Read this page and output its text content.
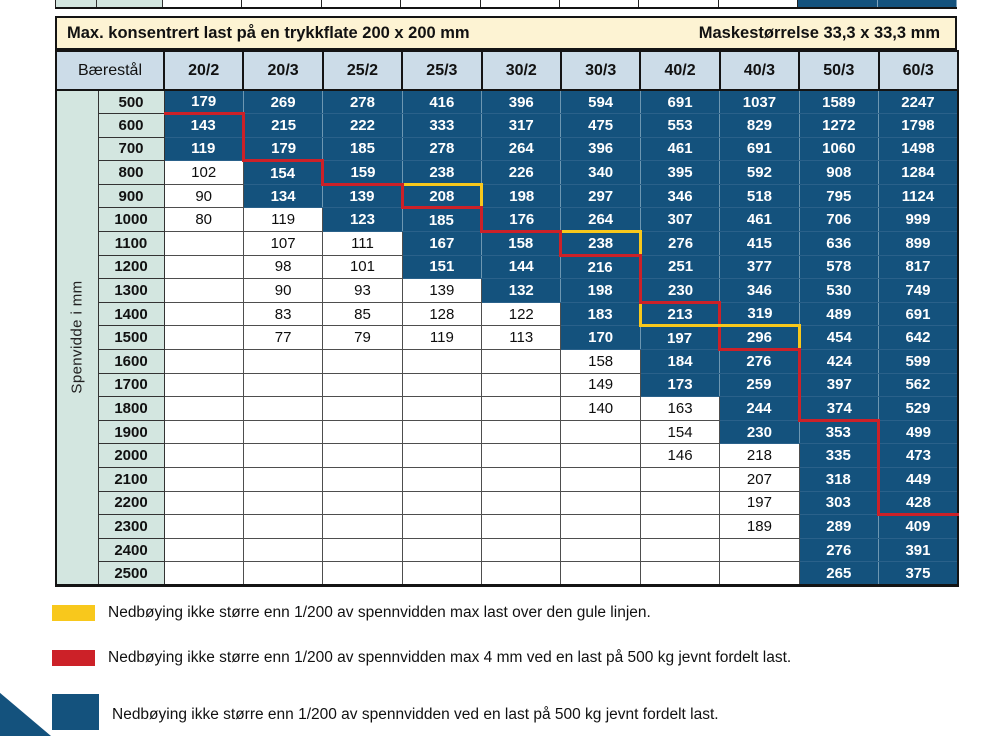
Max. konsentrert last på en trykkflate 200 x 200 mm	Maskestørrelse 33,3 x 33,3 mm
Bærestål		20/2	20/3	25/2	25/3	30/2	30/3	40/2	40/3	50/3	60/3

Spenvidde i mm	500	179	269	278	416	396	594	691	1037	1589	2247
	600	143	215	222	333	317	475	553	829	1272	1798
	700	119	179	185	278	264	396	461	691	1060	1498
	800	102	154	159	238	226	340	395	592	908	1284
	900	90	134	139	208	198	297	346	518	795	1124
	1000	80	119	123	185	176	264	307	461	706	999
	1100		107	111	167	158	238	276	415	636	899
	1200		98	101	151	144	216	251	377	578	817
	1300		90	93	139	132	198	230	346	530	749
	1400		83	85	128	122	183	213	319	489	691
	1500		77	79	119	113	170	197	296	454	642
	1600						158	184	276	424	599
	1700						149	173	259	397	562
	1800						140	163	244	374	529
	1900							154	230	353	499
	2000							146	218	335	473
	2100								207	318	449
	2200								197	303	428
	2300								189	289	409
	2400									276	391
	2500									265	375
Nedbøying ikke større enn 1/200 av spennvidden max last over den gule linjen.
Nedbøying ikke større enn 1/200 av spennvidden max 4 mm ved en last på 500 kg jevnt fordelt last.
Nedbøying ikke større enn 1/200 av spennvidden ved en last på 500 kg jevnt fordelt last.
